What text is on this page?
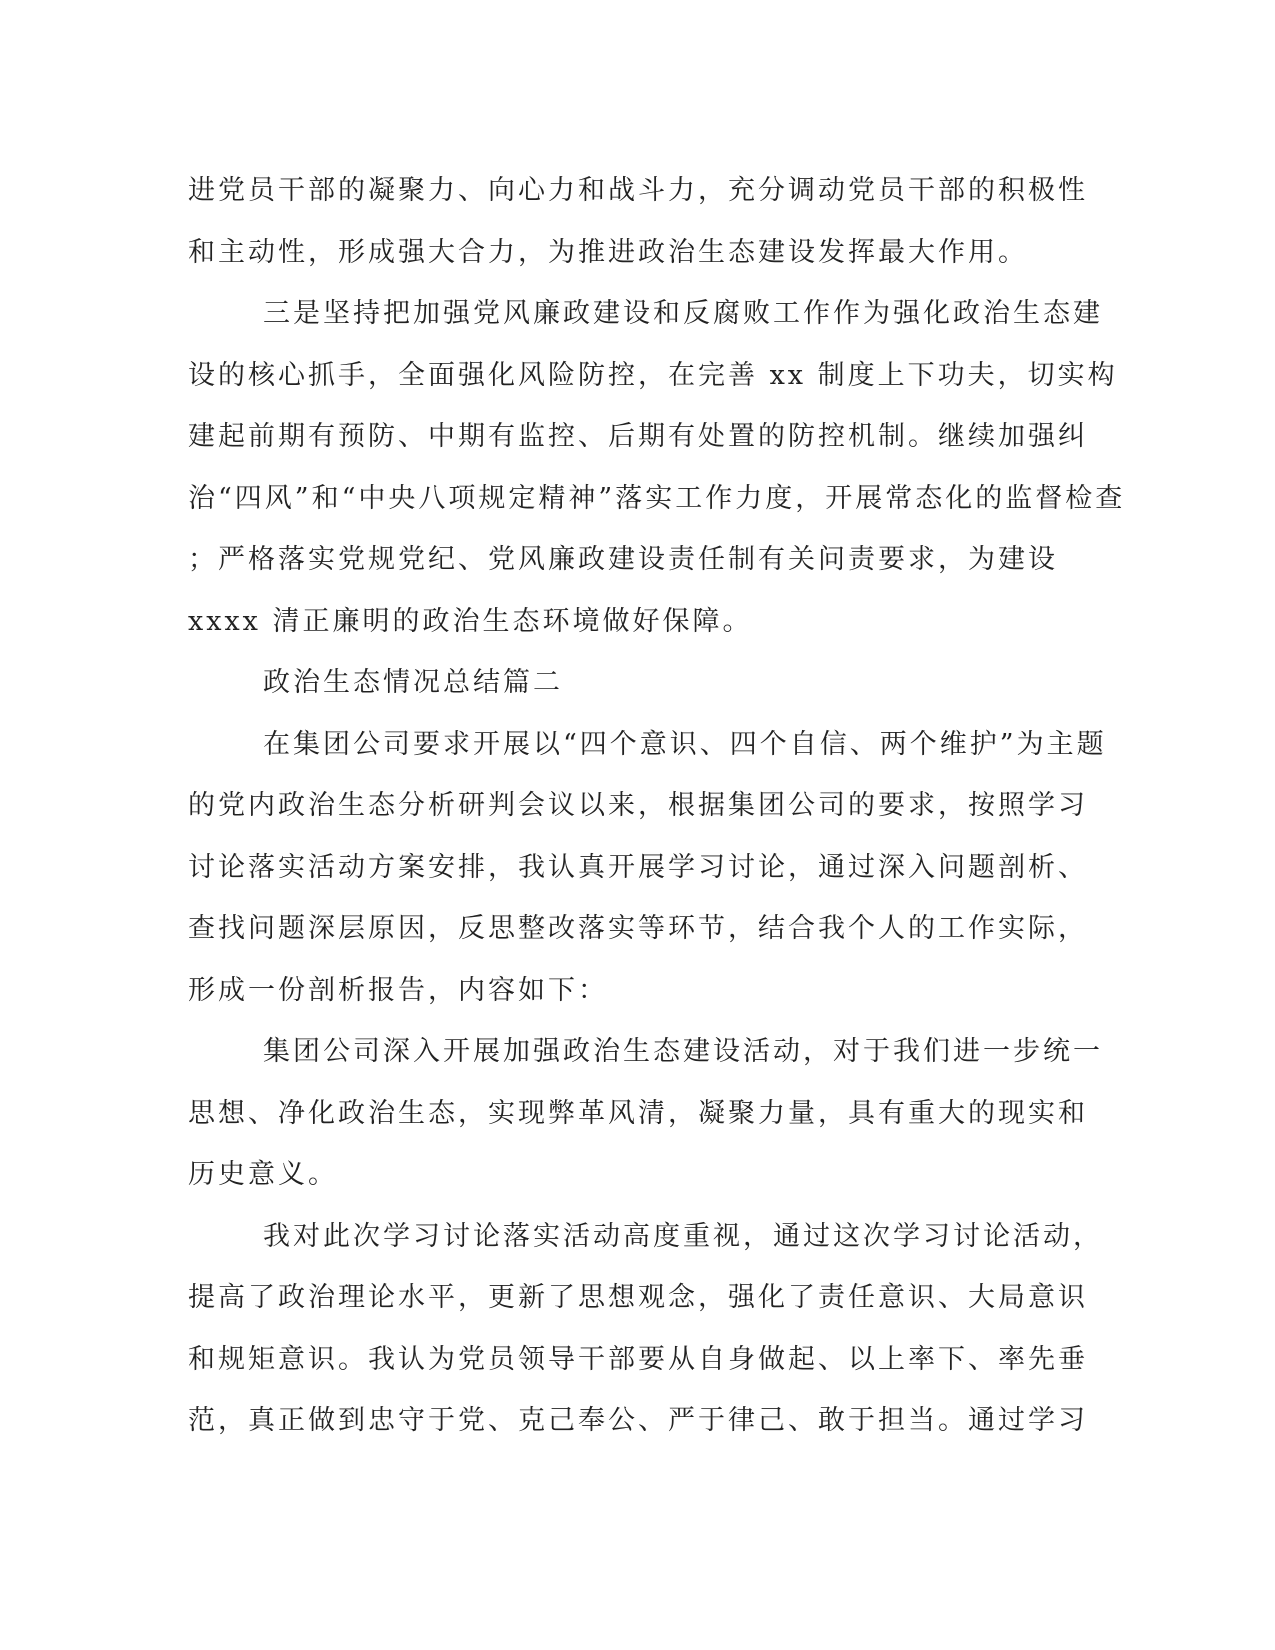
进党员干部的凝聚力、向心力和战斗力，充分调动党员干部的积极性
和主动性，形成强大合力，为推进政治生态建设发挥最大作用。
三是坚持把加强党风廉政建设和反腐败工作作为强化政治生态建
设的核心抓手，全面强化风险防控，在完善 xx 制度上下功夫，切实构
建起前期有预防、中期有监控、后期有处置的防控机制。继续加强纠
治“四风”和“中央八项规定精神”落实工作力度，开展常态化的监督检查
；严格落实党规党纪、党风廉政建设责任制有关问责要求，为建设
xxxx 清正廉明的政治生态环境做好保障。
政治生态情况总结篇二
在集团公司要求开展以“四个意识、四个自信、两个维护”为主题
的党内政治生态分析研判会议以来，根据集团公司的要求，按照学习
讨论落实活动方案安排，我认真开展学习讨论，通过深入问题剖析、
查找问题深层原因，反思整改落实等环节，结合我个人的工作实际，
形成一份剖析报告，内容如下：
集团公司深入开展加强政治生态建设活动，对于我们进一步统一
思想、净化政治生态，实现弊革风清，凝聚力量，具有重大的现实和
历史意义。
我对此次学习讨论落实活动高度重视，通过这次学习讨论活动，
提高了政治理论水平，更新了思想观念，强化了责任意识、大局意识
和规矩意识。我认为党员领导干部要从自身做起、以上率下、率先垂
范，真正做到忠守于党、克己奉公、严于律己、敢于担当。通过学习
